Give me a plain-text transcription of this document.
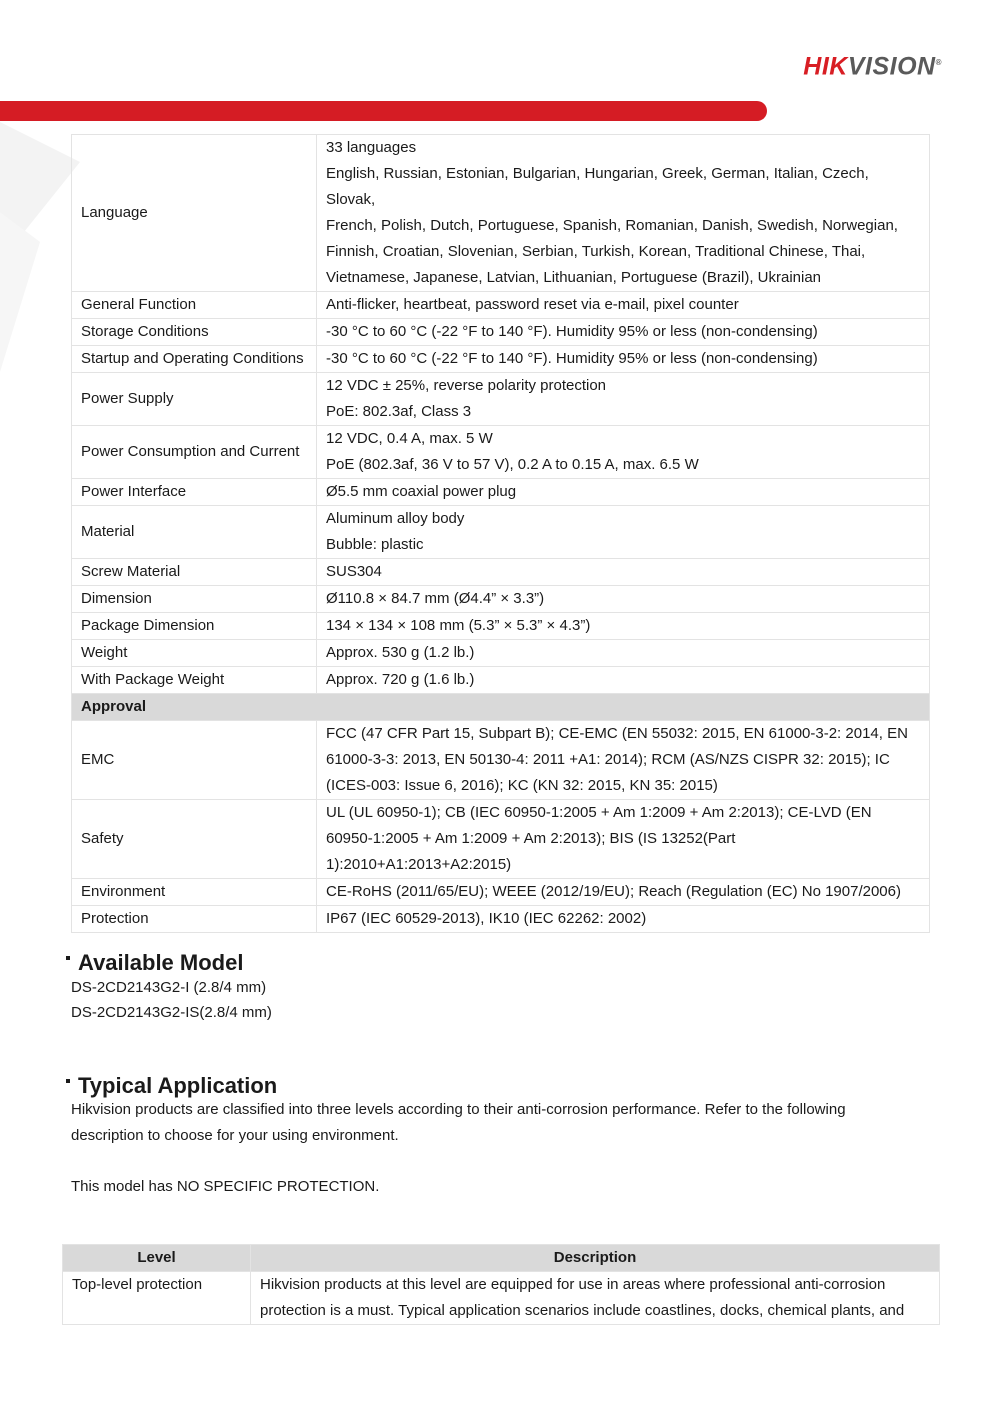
HIKVISION®
Language	33 languages
English, Russian, Estonian, Bulgarian, Hungarian, Greek, German, Italian, Czech, Slovak,
French, Polish, Dutch, Portuguese, Spanish, Romanian, Danish, Swedish, Norwegian,
Finnish, Croatian, Slovenian, Serbian, Turkish, Korean, Traditional Chinese, Thai,
Vietnamese, Japanese, Latvian, Lithuanian, Portuguese (Brazil), Ukrainian

General Function	Anti-flicker, heartbeat, password reset via e-mail, pixel counter

Storage Conditions	-30 °C to 60 °C (-22 °F to 140 °F). Humidity 95% or less (non-condensing)

Startup and Operating Conditions	-30 °C to 60 °C (-22 °F to 140 °F). Humidity 95% or less (non-condensing)

Power Supply	12 VDC ± 25%, reverse polarity protection
PoE: 802.3af, Class 3

Power Consumption and Current	12 VDC, 0.4 A, max. 5 W
PoE (802.3af, 36 V to 57 V), 0.2 A to 0.15 A, max. 6.5 W

Power Interface	Ø5.5 mm coaxial power plug

Material	Aluminum alloy body
Bubble: plastic

Screw Material	SUS304

Dimension	Ø110.8 × 84.7 mm (Ø4.4” × 3.3”)

Package Dimension	134 × 134 × 108 mm (5.3” × 5.3” × 4.3”)

Weight	Approx. 530 g (1.2 lb.)

With Package Weight	Approx. 720 g (1.6 lb.)

Approval	
EMC	FCC (47 CFR Part 15, Subpart B); CE-EMC (EN 55032: 2015, EN 61000-3-2: 2014, EN
61000-3-3: 2013, EN 50130-4: 2011 +A1: 2014); RCM (AS/NZS CISPR 32: 2015); IC
(ICES-003: Issue 6, 2016); KC (KN 32: 2015, KN 35: 2015)

Safety	UL (UL 60950-1); CB (IEC 60950-1:2005 + Am 1:2009 + Am 2:2013); CE-LVD (EN
60950-1:2005 + Am 1:2009 + Am 2:2013); BIS (IS 13252(Part
1):2010+A1:2013+A2:2015)

Environment	CE-RoHS (2011/65/EU); WEEE (2012/19/EU); Reach (Regulation (EC) No 1907/2006)

Protection	IP67 (IEC 60529-2013), IK10 (IEC 62262: 2002)
Available Model
DS-2CD2143G2-I (2.8/4 mm)
DS-2CD2143G2-IS(2.8/4 mm)
Typical Application

Hikvision products are classified into three levels according to their anti-corrosion performance. Refer to the following
description to choose for your using environment.

This model has NO SPECIFIC PROTECTION.

Level	Description
Top-level protection	Hikvision products at this level are equipped for use in areas where professional anti-corrosion
protection is a must. Typical application scenarios include coastlines, docks, chemical plants, and
